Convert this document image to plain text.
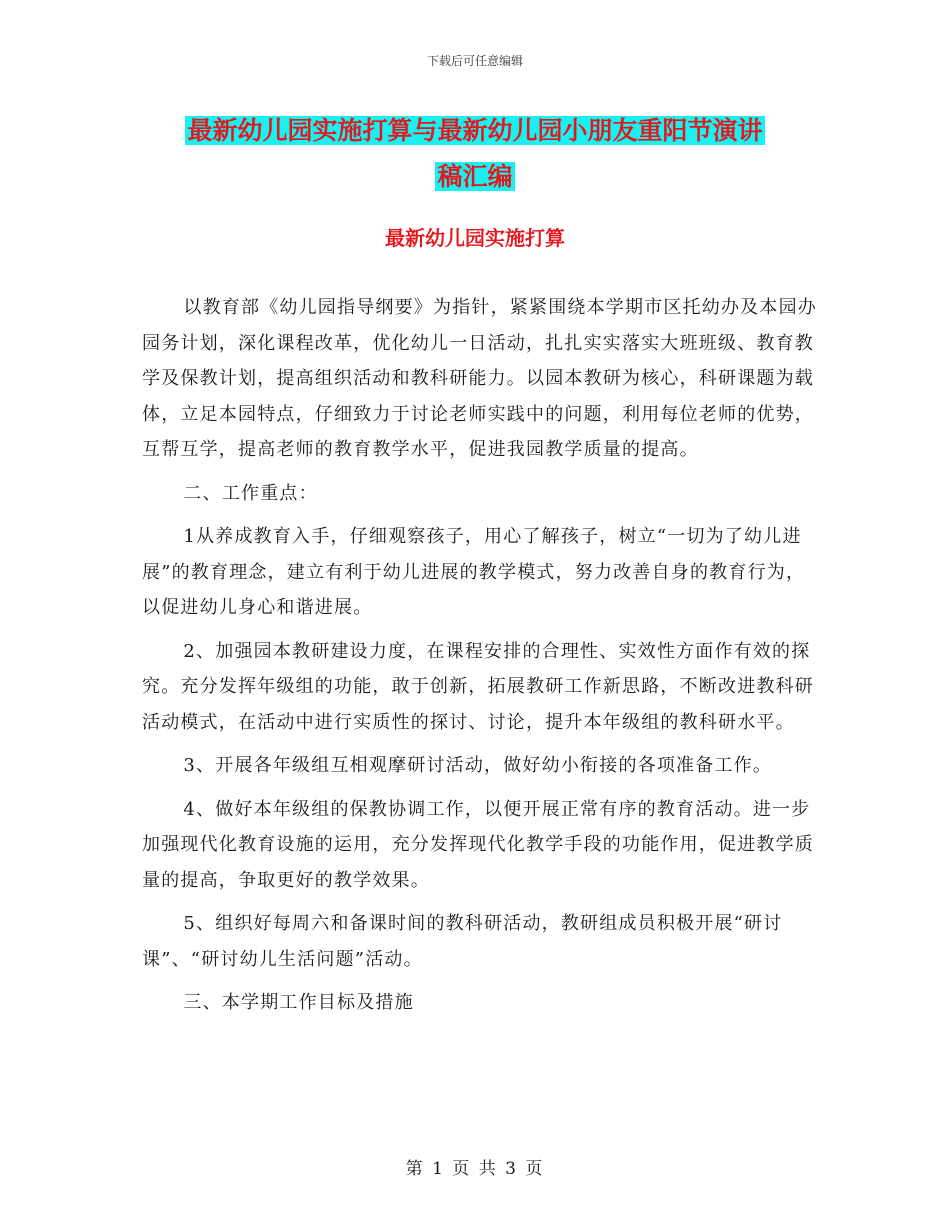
下载后可任意编辑
最新幼儿园实施打算与最新幼儿园小朋友重阳节演讲
稿汇编
最新幼儿园实施打算

以教育部《幼儿园指导纲要》为指针，紧紧围绕本学期市区托幼办及本园办园务计划，深化课程改革，优化幼儿一日活动，扎扎实实落实大班班级、教育教学及保教计划，提高组织活动和教科研能力。以园本教研为核心，科研课题为载体，立足本园特点，仔细致力于讨论老师实践中的问题，利用每位老师的优势，互帮互学，提高老师的教育教学水平，促进我园教学质量的提高。

二、工作重点：

1从养成教育入手，仔细观察孩子，用心了解孩子，树立“一切为了幼儿进展”的教育理念，建立有利于幼儿进展的教学模式，努力改善自身的教育行为，以促进幼儿身心和谐进展。

2、加强园本教研建设力度，在课程安排的合理性、实效性方面作有效的探究。充分发挥年级组的功能，敢于创新，拓展教研工作新思路，不断改进教科研活动模式，在活动中进行实质性的探讨、讨论，提升本年级组的教科研水平。

3、开展各年级组互相观摩研讨活动，做好幼小衔接的各项准备工作。

4、做好本年级组的保教协调工作，以便开展正常有序的教育活动。进一步加强现代化教育设施的运用，充分发挥现代化教学手段的功能作用，促进教学质量的提高，争取更好的教学效果。

5、组织好每周六和备课时间的教科研活动，教研组成员积极开展“研讨课”、“研讨幼儿生活问题”活动。

三、本学期工作目标及措施

第 1 页 共 3 页
